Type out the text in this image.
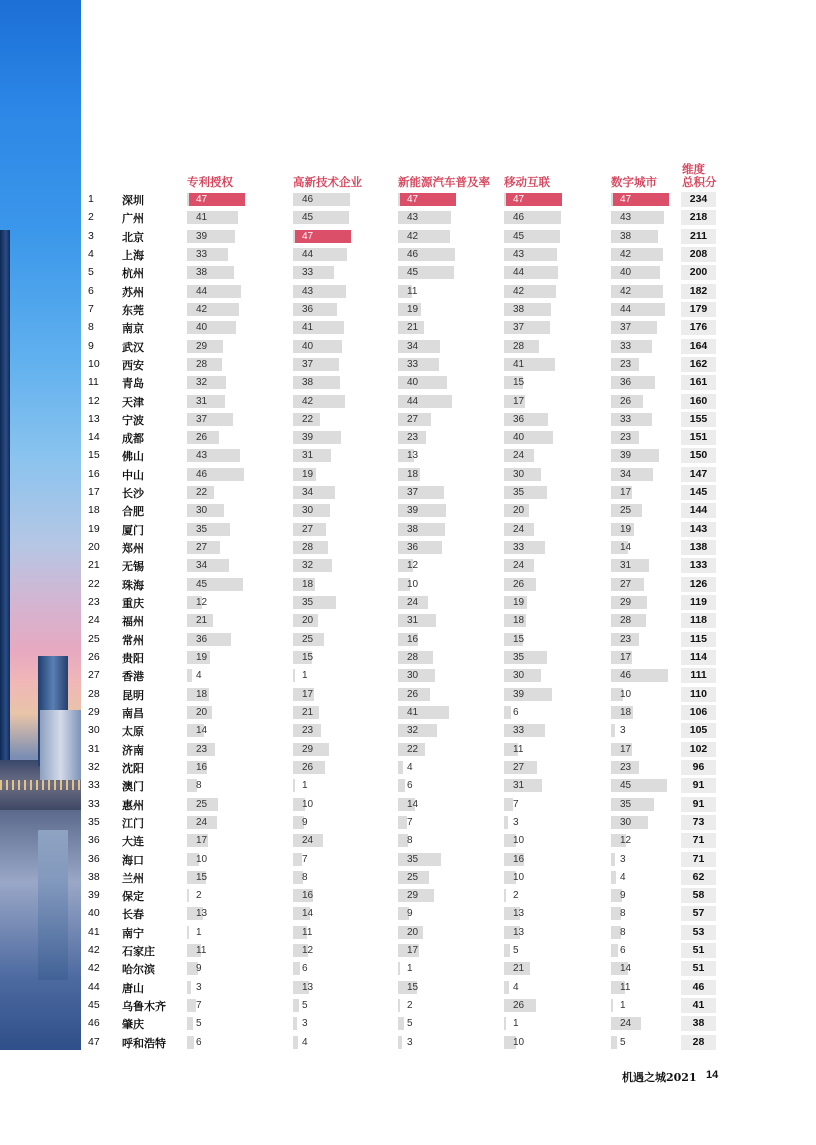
专利授权	高新技术企业	新能源汽车普及率 移动互联	数字城市
维度
总积分
1	深圳	47	46	47	47	47	234
2	广州	41	45	43	46	43	218
3	北京	39	47	42	45	38	211
4	上海	33	44	46	43	42	208
5	杭州	38	33	45	44	40	200
6	苏州	44	43	11	42	42	182
7	东莞	42	36	19	38	44	179
8	南京	40	41	21	37	37	176
9	武汉	29	40	34	28	33	164
10	西安	28	37	33	41	23	162
11	青岛	32	38	40	15	36	161
12	天津	31	42	44	17	26	160
13	宁波	37	22	27	36	33	155
14	成都	26	39	23	40	23	151
15	佛山	43	31	13	24	39	150
16	中山	46	19	18	30	34	147
17	长沙	22	34	37	35	17	145
18	合肥	30	30	39	20	25	144
19	厦门	35	27	38	24	19	143
20	郑州	27	28	36	33	14	138
21	无锡	34	32	12	24	31	133
22	珠海	45	18	10	26	27	126
23	重庆	12	35	24	19	29	119
24	福州	21	20	31	18	28	118
25	常州	36	25	16	15	23	115
26	贵阳	19	15	28	35	17	114
27	香港	4	1	30	30	46	111
28	昆明	18	17	26	39	10	110
29	南昌	20	21	41	6	18	106
30	太原	14	23	32	33	3	105
31	济南	23	29	22	11	17	102
32	沈阳	16	26	4	27	23	96
33	澳门	8	1	6	31	45	91
33	惠州	25	10	14	7	35	91
35	江门	24	9	7	3	30	73
36	大连	17	24	8	10	12	71
36	海口	10	7	35	16	3	71
38	兰州	15	8	25	10	4	62
39	保定	2	16	29	2	9	58
40	长春	13	14	9	13	8	57
41	南宁	1	11	20	13	8	53
42	石家庄	11	12	17	5	6	51
42	哈尔滨	9	6	1	21	14	51
44	唐山	3	13	15	4	11	46
45	乌鲁木齐	7	5	2	26	1	41
46	肇庆	5	3	5	1	24	38
47	呼和浩特	6	4	3	10	5	28
机遇之城2021 14
